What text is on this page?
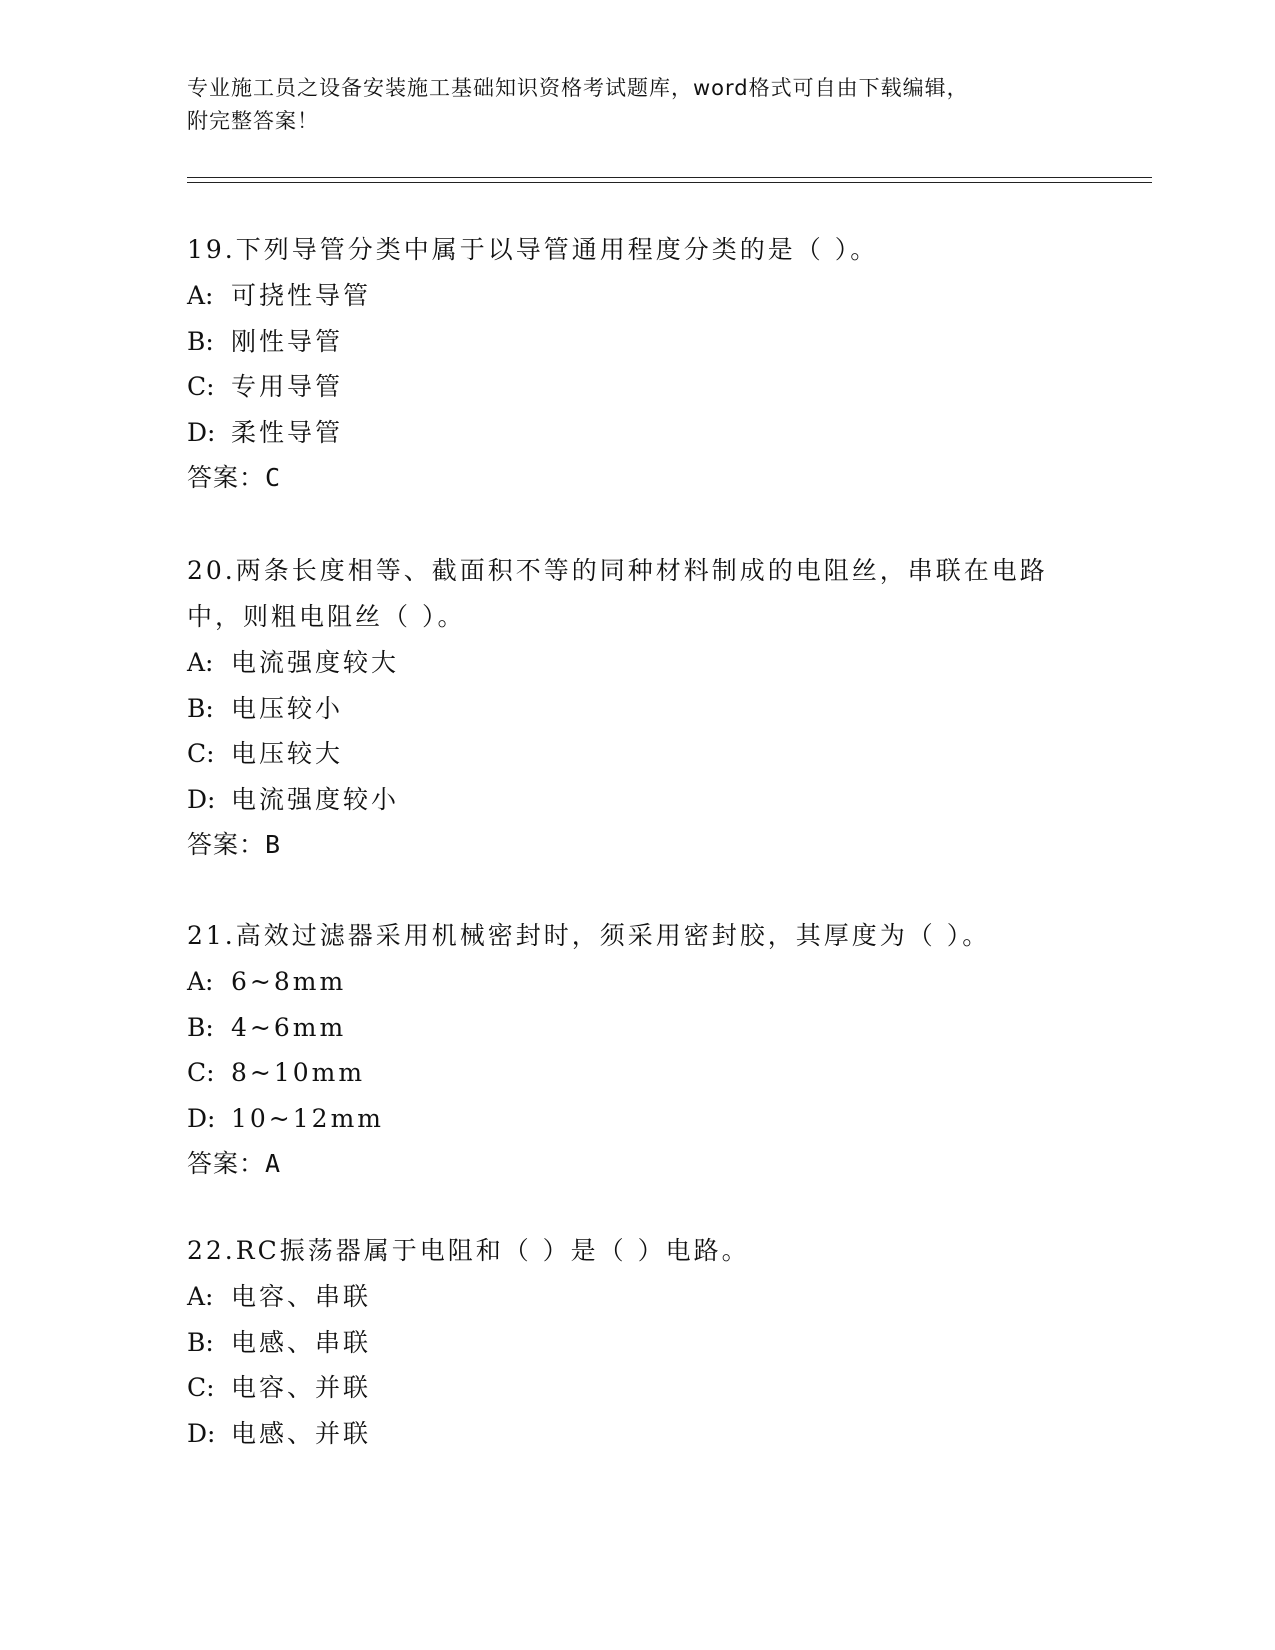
专业施工员之设备安装施工基础知识资格考试题库，word格式可自由下载编辑，
附完整答案！
19.下列导管分类中属于以导管通用程度分类的是（ ）。
A: 可挠性导管
B: 刚性导管
C: 专用导管
D: 柔性导管
答案：C
20.两条长度相等、截面积不等的同种材料制成的电阻丝，串联在电路中，则粗电阻丝（ ）。
A: 电流强度较大
B: 电压较小
C: 电压较大
D: 电流强度较小
答案：B
21.高效过滤器采用机械密封时，须采用密封胶，其厚度为（ ）。
A: 6~8mm
B: 4~6mm
C: 8~10mm
D: 10~12mm
答案：A
22.RC振荡器属于电阻和（ ）是（ ）电路。
A: 电容、串联
B: 电感、串联
C: 电容、并联
D: 电感、并联
